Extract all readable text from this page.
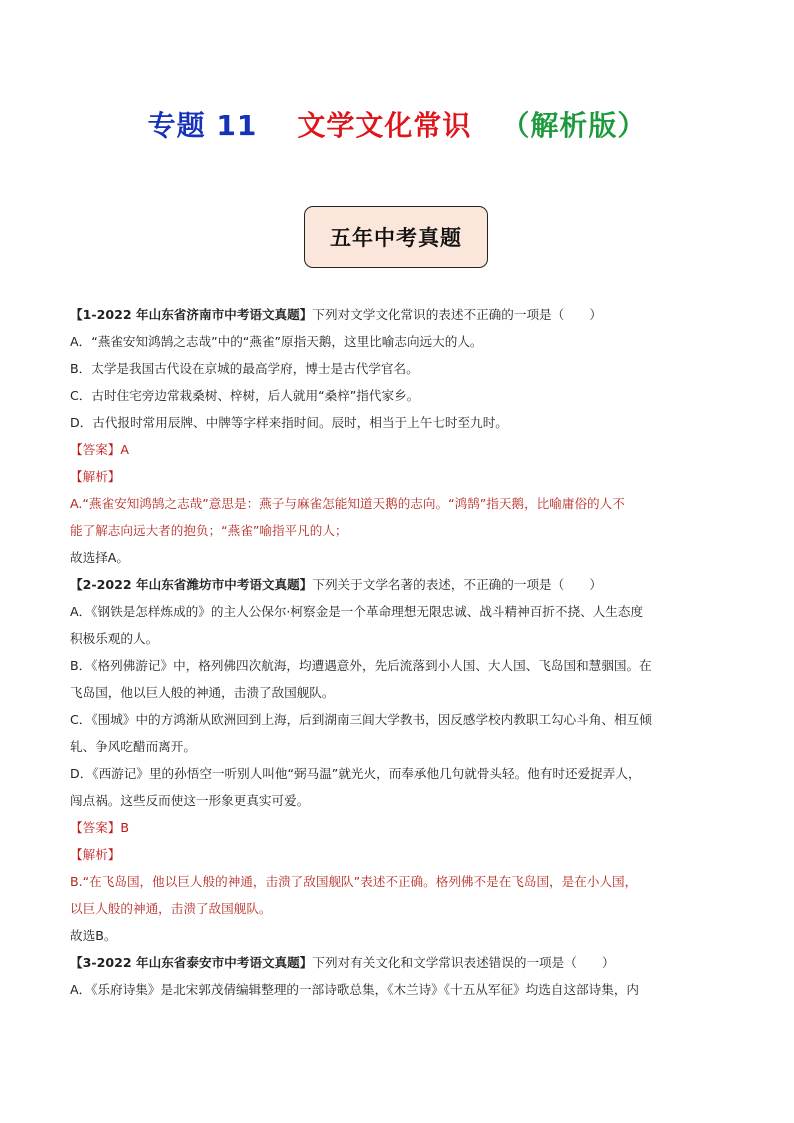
专题 11 文学文化常识 （解析版）
五年中考真题
【1-2022 年山东省济南市中考语文真题】下列对文学文化常识的表述不正确的一项是（　　）
A．“燕雀安知鸿鹄之志哉”中的“燕雀”原指天鹅，这里比喻志向远大的人。
B．太学是我国古代设在京城的最高学府，博士是古代学官名。
C．古时住宅旁边常栽桑树、梓树，后人就用“桑梓”指代家乡。
D．古代报时常用辰牌、中牌等字样来指时间。辰时，相当于上午七时至九时。
【答案】A
【解析】
A.“燕雀安知鸿鹄之志哉”意思是：燕子与麻雀怎能知道天鹅的志向。“鸿鹄”指天鹅，比喻庸俗的人不
能了解志向远大者的抱负；“燕雀”喻指平凡的人；
故选择A。
【2-2022 年山东省潍坊市中考语文真题】下列关于文学名著的表述，不正确的一项是（　　）
A．《钢铁是怎样炼成的》的主人公保尔·柯察金是一个革命理想无限忠诚、战斗精神百折不挠、人生态度
积极乐观的人。
B．《格列佛游记》中，格列佛四次航海，均遭遇意外，先后流落到小人国、大人国、飞岛国和慧骃国。在
飞岛国，他以巨人般的神通，击溃了敌国舰队。
C．《围城》中的方鸿渐从欧洲回到上海，后到湖南三闾大学教书，因反感学校内教职工勾心斗角、相互倾
轧、争风吃醋而离开。
D．《西游记》里的孙悟空一听别人叫他“弼马温”就光火，而奉承他几句就骨头轻。他有时还爱捉弄人，
闯点祸。这些反而使这一形象更真实可爱。
【答案】B
【解析】
B.“在飞岛国，他以巨人般的神通，击溃了敌国舰队”表述不正确。格列佛不是在飞岛国，是在小人国，
以巨人般的神通，击溃了敌国舰队。
故选B。
【3-2022 年山东省泰安市中考语文真题】下列对有关文化和文学常识表述错误的一项是（　　）
A．《乐府诗集》是北宋郭茂倩编辑整理的一部诗歌总集，《木兰诗》《十五从军征》均选自这部诗集，内
